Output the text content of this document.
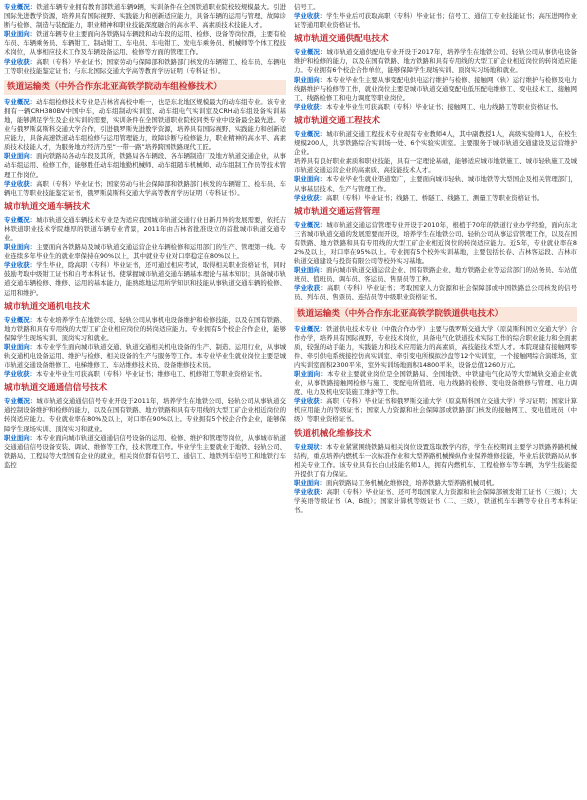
专业概况：铁道车辆专业拥有教育部铁道车辆9辆，实训条件在全国铁道职业院校较规模最大。引进国际先进教学资源，培养具有国际视野、实践能力和创新适应能力，具备车辆的运用与管理、故障诊断与检修、制造与装配能力，职业精神和职业技能深度融合的高水平、高素质技术技能人才。

职业面向：铁道车辆专业主要面向各铁路局车辆段和动车段的运用、检修、设备等岗位群，主要有检车员、车辆乘务员、车辆钳工、制动钳工、车电员、车电钳工、发电车乘务员、机械师等个体工程技术岗位，从事相应技术工作及车辆设备运用、检修等方面的管理工作。

学业收获：高职（专科）毕业证书；国家劳动与保障部和铁路部门核发的车辆钳工、检车员、车辆电工等职业技能鉴定证书；与东北国际交通大学高等教育学历证明（专科证书）。

铁道运输类（中外合作东北亚高铁学院动车组检修技术）

专业概况：动车组检修技术专业是吉林省高校中唯一，也是东北地区规模最大的动车组专业。该专业拥有一辆CRH380BV中国中车，动车组制动实训室、动车组电气实训室及CRH动车组设备实训基地，能够满足学生及企业实训的需要，实训条件在全国铁道职业院校同类专业中设备最全最先进。专业与俄罗斯莫斯科交通大学合作，引进俄罗斯先进教学资源，培养具有国际视野、实践能力和创新适应能力，具备高速铁道动车组检修与运用管理能力，故障诊断与检修能力，职业精神的高水平、高素质技术技能人才，为服务地方经济乃至“一带一路”培养跨国铁路现代工匠。

职业面向：面向铁路局各动车段及其所，铁路局各车辆段、各车辆制造厂及地方轨道交通企业，从事动车组运用、检修工作，能够胜任动车组地勤机械师、动车组随车机械师、动车组制工作员等技术管理工作岗位。

学业收获：高职（专科）毕业证书；国家劳动与社会保障部和铁路部门核发的车辆钳工、检车员、车辆电工等职业技能鉴定证书，俄罗斯莫斯科交通大学高等教育学历证明（专科证书）。

城市轨道交通车辆技术

专业概况：城市轨道交通车辆技术专业是为适应我国城市轨道交通行业日新月异的发展需要，依托吉林铁道职业技术学院雄厚的铁道车辆专业背景，2011年由吉林省批准设立的首批城市轨道交通专业。

职业面向：主要面向各铁路局及城市轨道交通运营企业车辆检修和运用部门的生产、管理第一线。专业连续多年毕业生的就业率保持在90%以上，其中就业专业对口率稳定在80%以上。

学业收获：学生毕业，除高职（专科）毕业证书，还可通过相应考试，取得相关职业资格证书，同时鼓励考取中级钳工证书和自考本科证书。使掌握城市轨道交通车辆基本理论与基本知识；具备城市轨道交通车辆检修、维修、运用的基本能力，能熟练地运用所学知识和技能从事轨道交通车辆的检修、运用和维护。

城市轨道交通机电技术

专业概况：本专业培养学生在地铁公司、轻轨公司从事机电设备维护和检修技能，以及在国有铁路、地方铁路和具有专用线的大型工矿企业相应岗位的转岗适应能力。专业拥有5个校企合作企业，能够保障学生现场实训、顶岗实习和就业。

职业面向：本专业学生面向城市轨道交通、轨道交通相关机电设备的生产、制造、运用行业，从事城轨交通机电设备运用、维护与检修、相关设备的生产与服务等工作。本专业毕业生就业岗位主要是城市轨道交通设备维修工、电梯维修工、车站维修技术员、设备维修技术员。

学业收获：本专业毕业生可获高职（专科）毕业证书；维修电工、机修钳工等职业资格证书。

城市轨道交通通信信号技术

专业概况：城市轨道交通通信信号专业开设于2011年，培养学生在地铁公司、轻轨公司从事轨道交通控制设备维护和检修的能力，以及在国有铁路、地方铁路和具有专用线的大型工矿企业相近岗位的转岗适应能力。专业就业率在80%及以上，对口率在90%以上。专业拥有5个校企合作企业，能够保障学生现场实训、顶岗实习和就业。

职业面向：本专业面向城市轨道交通通信信号设备的运用、检修、维护和管理等岗位，从事城市轨道交通通信信号设备安装、调试、维修等工作，技术管理工作。毕业学生主要就业于地铁、轻轨公司、铁路局、工程局等大型国有企业的就业，相关岗位群有信号工、通信工、地铁列车信号工和地铁行车监控

信号工。

学业收获：学生毕业后可获取高职（专科）毕业证书；信号工、通信工专业技能证书；高压进网作业证等通用职业资格证书。

城市轨道交通供配电技术

专业概况：城市轨道交通供配电专业开设于2017年，培养学生在地铁公司、轻轨公司从事供电设备维护和检修的能力，以及在国有铁路、地方铁路和具有专用线的大型工矿企业相近岗位的转岗适应能力。专业拥有6个校企合作单位，能够保障学生现场实训、顶岗实习场地和就业。

职业面向：本专业毕业生主要从事变配电供电运行维护与检修、接触网（轨）运行维护与检修及电力线路维护与检修等工作，就业岗位主要是城市轨道交通变配电低压配电维修工、变电技术工、接触网工、线路检修工和电力调度等职业岗位。

学业收获：本专业毕业生可获高职（专科）毕业证书；接触网工、电力线路工等职业资格证书。

城市轨道交通工程技术

专业概况：城市轨道交通工程技术专业现有专业教师4人，其中副教授1人，高级实验师1人，在校生规模200人，共享铁路综合实训场一处、6个实验实训室。主要服务于城市轨道交通建设及运营维护企业。

培养具有良好职业素质和职业技能，具有一定理论基础，能够适应城市地铁施工、城市轻轨施工及城市轨道交通运营企业的高素质、高技能技术人才。

职业面向：本专业毕业生就业渠道宽广，主要面向城市轻轨、城市地铁等大型国企及相关管理部门，从事基层技术、生产与管理工作。

学业收获：高职（专科）毕业证书；线路工、桥隧工、线路工、测量工等职业资格证书。

城市轨道交通运营管理

专业概况：城市轨道交通运营管理专业开设于2010年，根植于70年的铁道行业办学经验，面向东北三省城市轨道交通的发展需要而开设，培养学生在地铁公司、轻轨公司从事运营管理工作，以及在国有铁路、地方铁路和具有专用线的大型工矿企业相近岗位的转岗适应能力。近5年，专业就业率在82%及以上，对口率在95%以上。专业拥有5个校外实训基地，主要包括长春、吉林客运段、吉林市轨道交通建设与投资有限公司等校外实习基地。

职业面向：面向城市轨道交通运营企业、国有铁路企业、地方铁路企业等运营部门的站务员、车站值班员、值班员、调车员、客运员、售票员等工种。

学业收获：高职（专科）毕业证书；考取国家人力资源和社会保障部或中国铁路总公司核发的信号员、列车员、售票员、连结员等中级职业资格证书。

铁道运输类（中外合作东北亚高铁学院铁道供电技术）

专业概况：铁道供电技术专业（中俄合作办学）主要与俄罗斯交通大学（原莫斯科国立交通大学）合作办学，培养具有国际视野，专业技术岗位，具备电气化铁道技术实际工作的综合职业能力和全面素质，较强的动手能力，实践能力和技术应用能力的高素质，高技能技术型人才。本院现建有接触网零件、牵引供电系统接控仿真实训室、牵引变电所模拟沙盘等12个实训室，一个接触网综合演练场，室内实训室面积2300平米，室外实训场地面积14800平米，设备总值1260万元。

职业面向：本专业主要就业岗位是全国铁路局、全国地铁、中铁建电气化局等大型城轨交通企业就业，从事铁路接触网检修与施工、变配电所值班、电力线路的检修、变电设备维修与管理、电力调度、电力及机电安装施工维护等工作。

学业收获：高职（专科）毕业证书和俄罗斯交通大学（原莫斯科国立交通大学）学习证明；国家计算机应用能力的等级证书；国家人力资源和社会保障部或铁路部门核发的接触网工、变电值班员（中级）等职业资格证书。

铁道机械化维修技术

专业现状：本专业紧紧围绕铁路局相关岗位设置选取教学内容，学生在校期间主要学习铁路养路机械结构，重点培养内燃机车一次标准作业和大型养路机械操纵作业保养维修技能，毕业后获铁路局从事相关专业工作。该专业具有长白山技能名师1人，拥有内燃机车、工程检修车等车辆，为学生技能提升提供了有力保证。

职业面向：面向铁路局工务机械化维修段，培养铁路大型养路机械司机。

学业收获：高职（专科）毕业证书、还可考取国家人力资源和社会保障部颁发钳工证书（三级）；大学英语等级证书（A、B级）；国家计算机等级证书（二、三级），铁道机车车辆等专业自考本科证书。
